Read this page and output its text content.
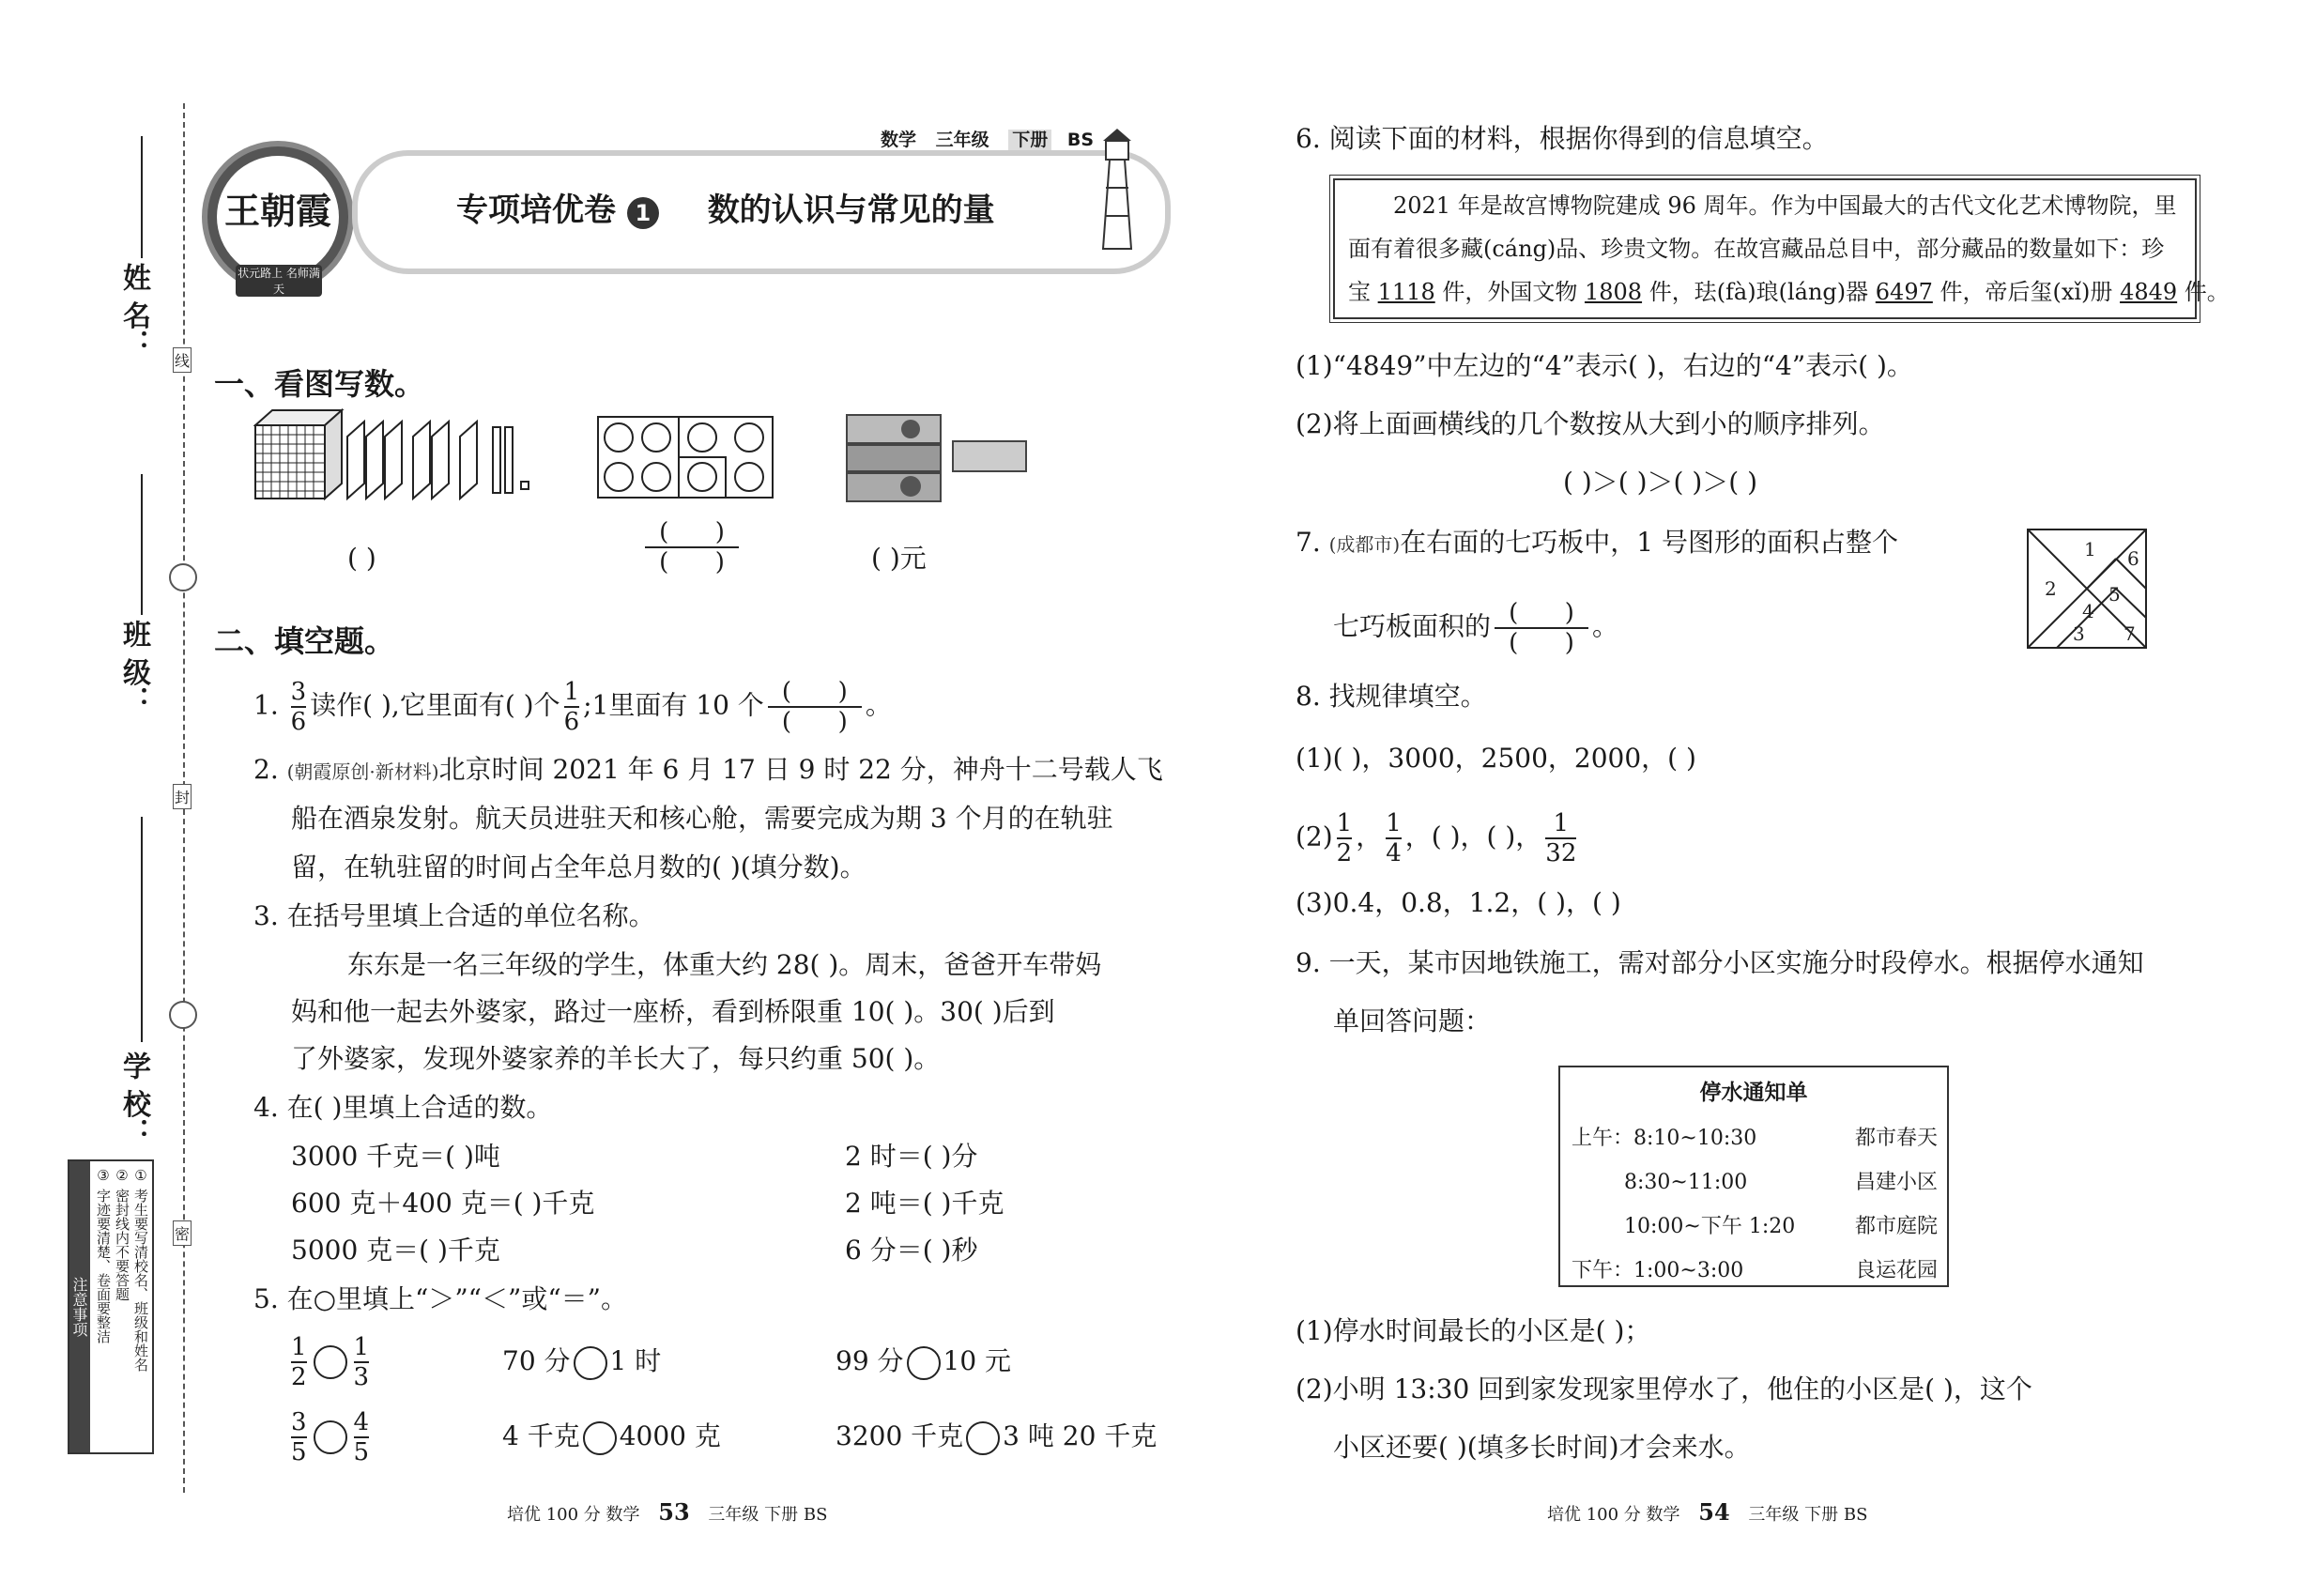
姓 名：
班 级：
学 校：
线
封
密
注意事项	① 考生要写清校名、班级和姓名
② 密封线内不要答题
③ 字迹要清楚、卷面要整洁
王朝霞
状元路上 名师满天
专项培优卷 1 数的认识与常见的量
数学 三年级 下册 BS
一、看图写数。
( )	$\frac{( )}{( )}$	( )元
二、填空题。
1. $\frac{3}{6}$ 读作( ),它里面有( )个 $\frac{1}{6}$ ;1里面有 10 个 $\frac{( )}{( )}$ 。
2. (朝霞原创·新材料)北京时间 2021 年 6 月 17 日 9 时 22 分，神舟十二号载人飞
船在酒泉发射。航天员进驻天和核心舱，需要完成为期 3 个月的在轨驻
留，在轨驻留的时间占全年总月数的( )(填分数)。
3. 在括号里填上合适的单位名称。
东东是一名三年级的学生，体重大约 28( )。周末，爸爸开车带妈
妈和他一起去外婆家，路过一座桥，看到桥限重 10( )。30( )后到
了外婆家，发现外婆家养的羊长大了，每只约重 50( )。
4. 在( )里填上合适的数。
3000 千克＝( )吨	2 时＝( )分
600 克＋400 克＝( )千克	2 吨＝( )千克
5000 克＝( )千克	6 分＝( )秒
5. 在○里填上“＞”“＜”或“＝”。
$\frac{1}{2} \frac{1}{3}$	70 分 1 时	99 分 10 元
$\frac{3}{5} \frac{4}{5}$	4 千克 4000 克	3200 千克 3 吨 20 千克
培优 100 分 数学 53 三年级 下册 BS
6. 阅读下面的材料，根据你得到的信息填空。
2021 年是故宫博物院建成 96 周年。作为中国最大的古代文化艺术博物院，里
面有着很多藏(cáng)品、珍贵文物。在故宫藏品总目中，部分藏品的数量如下：珍
宝 1118 件，外国文物 1808 件，珐(fà)琅(láng)器 6497 件，帝后玺(xǐ)册 4849 件。
(1)“4849”中左边的“4”表示( )，右边的“4”表示( )。
(2)将上面画横线的几个数按从大到小的顺序排列。
( )＞( )＞( )＞( )
7. (成都市)在右面的七巧板中，1 号图形的面积占整个
七巧板面积的 $\frac{( )}{( )}$ 。
1
2
3
4
5
6
7
8. 找规律填空。
(1)( )，3000，2500，2000，( )
$(2) \frac{1}{2}$ ， $\frac{1}{4}$ ，( )，( )， $\frac{1}{32}$
(3)0.4，0.8，1.2，( )，( )
9. 一天，某市因地铁施工，需对部分小区实施分时段停水。根据停水通知
单回答问题：
停水通知单
上午：8:10~10:30	都市春天
8:30~11:00	昌建小区
10:00~下午 1:20	都市庭院
下午：1:00~3:00	良运花园
(1)停水时间最长的小区是( )；
(2)小明 13:30 回到家发现家里停水了，他住的小区是( )，这个
小区还要( )(填多长时间)才会来水。
培优 100 分 数学 54 三年级 下册 BS
